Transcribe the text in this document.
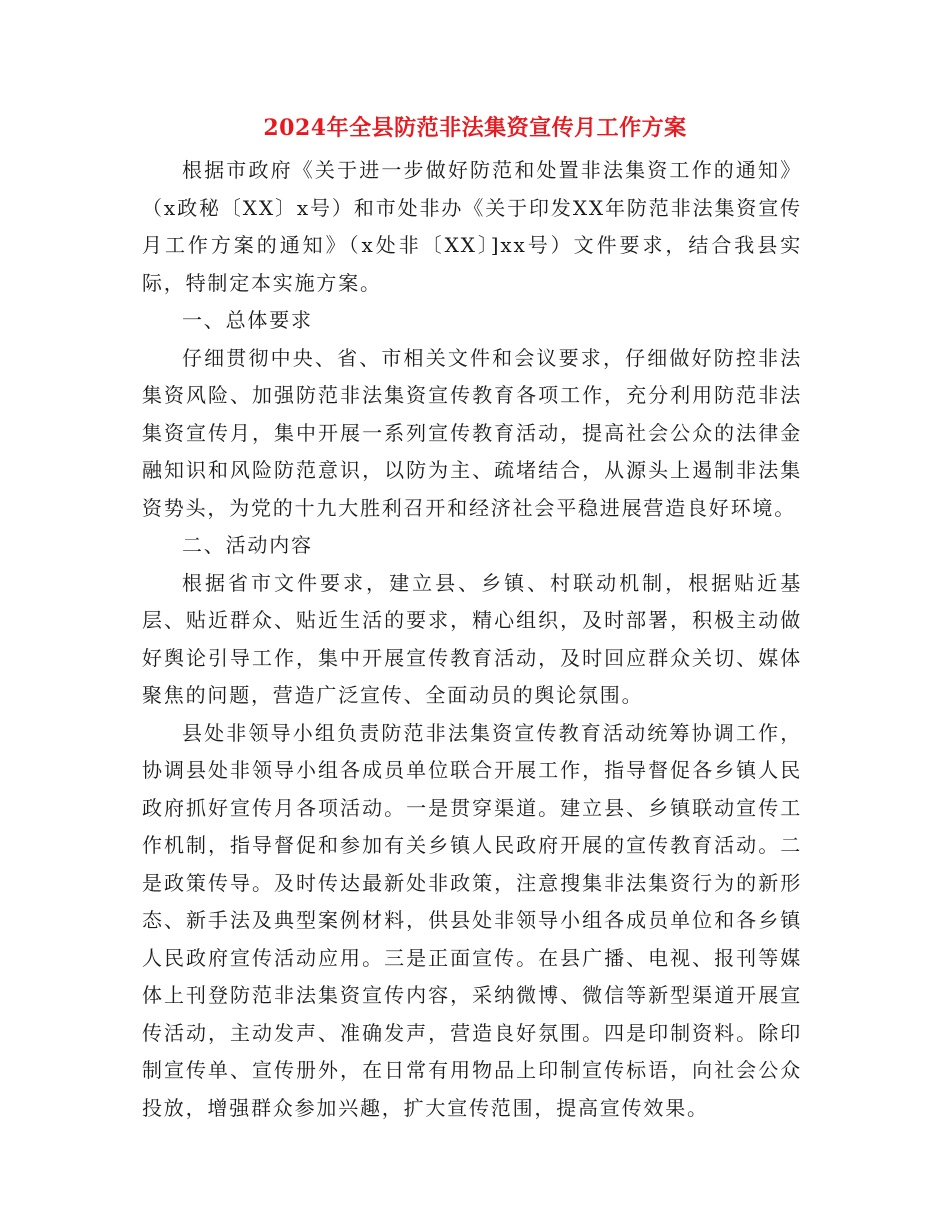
2024年全县防范非法集资宣传月工作方案

根据市政府《关于进一步做好防范和处置非法集资工作的通知》（x政秘〔XX〕x号）和市处非办《关于印发XX年防范非法集资宣传月工作方案的通知》（x处非〔XX〕]xx号）文件要求，结合我县实际，特制定本实施方案。

一、总体要求

仔细贯彻中央、省、市相关文件和会议要求，仔细做好防控非法集资风险、加强防范非法集资宣传教育各项工作，充分利用防范非法集资宣传月，集中开展一系列宣传教育活动，提高社会公众的法律金融知识和风险防范意识，以防为主、疏堵结合，从源头上遏制非法集资势头，为党的十九大胜利召开和经济社会平稳进展营造良好环境。

二、活动内容

根据省市文件要求，建立县、乡镇、村联动机制，根据贴近基层、贴近群众、贴近生活的要求，精心组织，及时部署，积极主动做好舆论引导工作，集中开展宣传教育活动，及时回应群众关切、媒体聚焦的问题，营造广泛宣传、全面动员的舆论氛围。

县处非领导小组负责防范非法集资宣传教育活动统筹协调工作，协调县处非领导小组各成员单位联合开展工作，指导督促各乡镇人民政府抓好宣传月各项活动。一是贯穿渠道。建立县、乡镇联动宣传工作机制，指导督促和参加有关乡镇人民政府开展的宣传教育活动。二是政策传导。及时传达最新处非政策，注意搜集非法集资行为的新形态、新手法及典型案例材料，供县处非领导小组各成员单位和各乡镇人民政府宣传活动应用。三是正面宣传。在县广播、电视、报刊等媒体上刊登防范非法集资宣传内容，采纳微博、微信等新型渠道开展宣传活动，主动发声、准确发声，营造良好氛围。四是印制资料。除印制宣传单、宣传册外，在日常有用物品上印制宣传标语，向社会公众投放，增强群众参加兴趣，扩大宣传范围，提高宣传效果。
